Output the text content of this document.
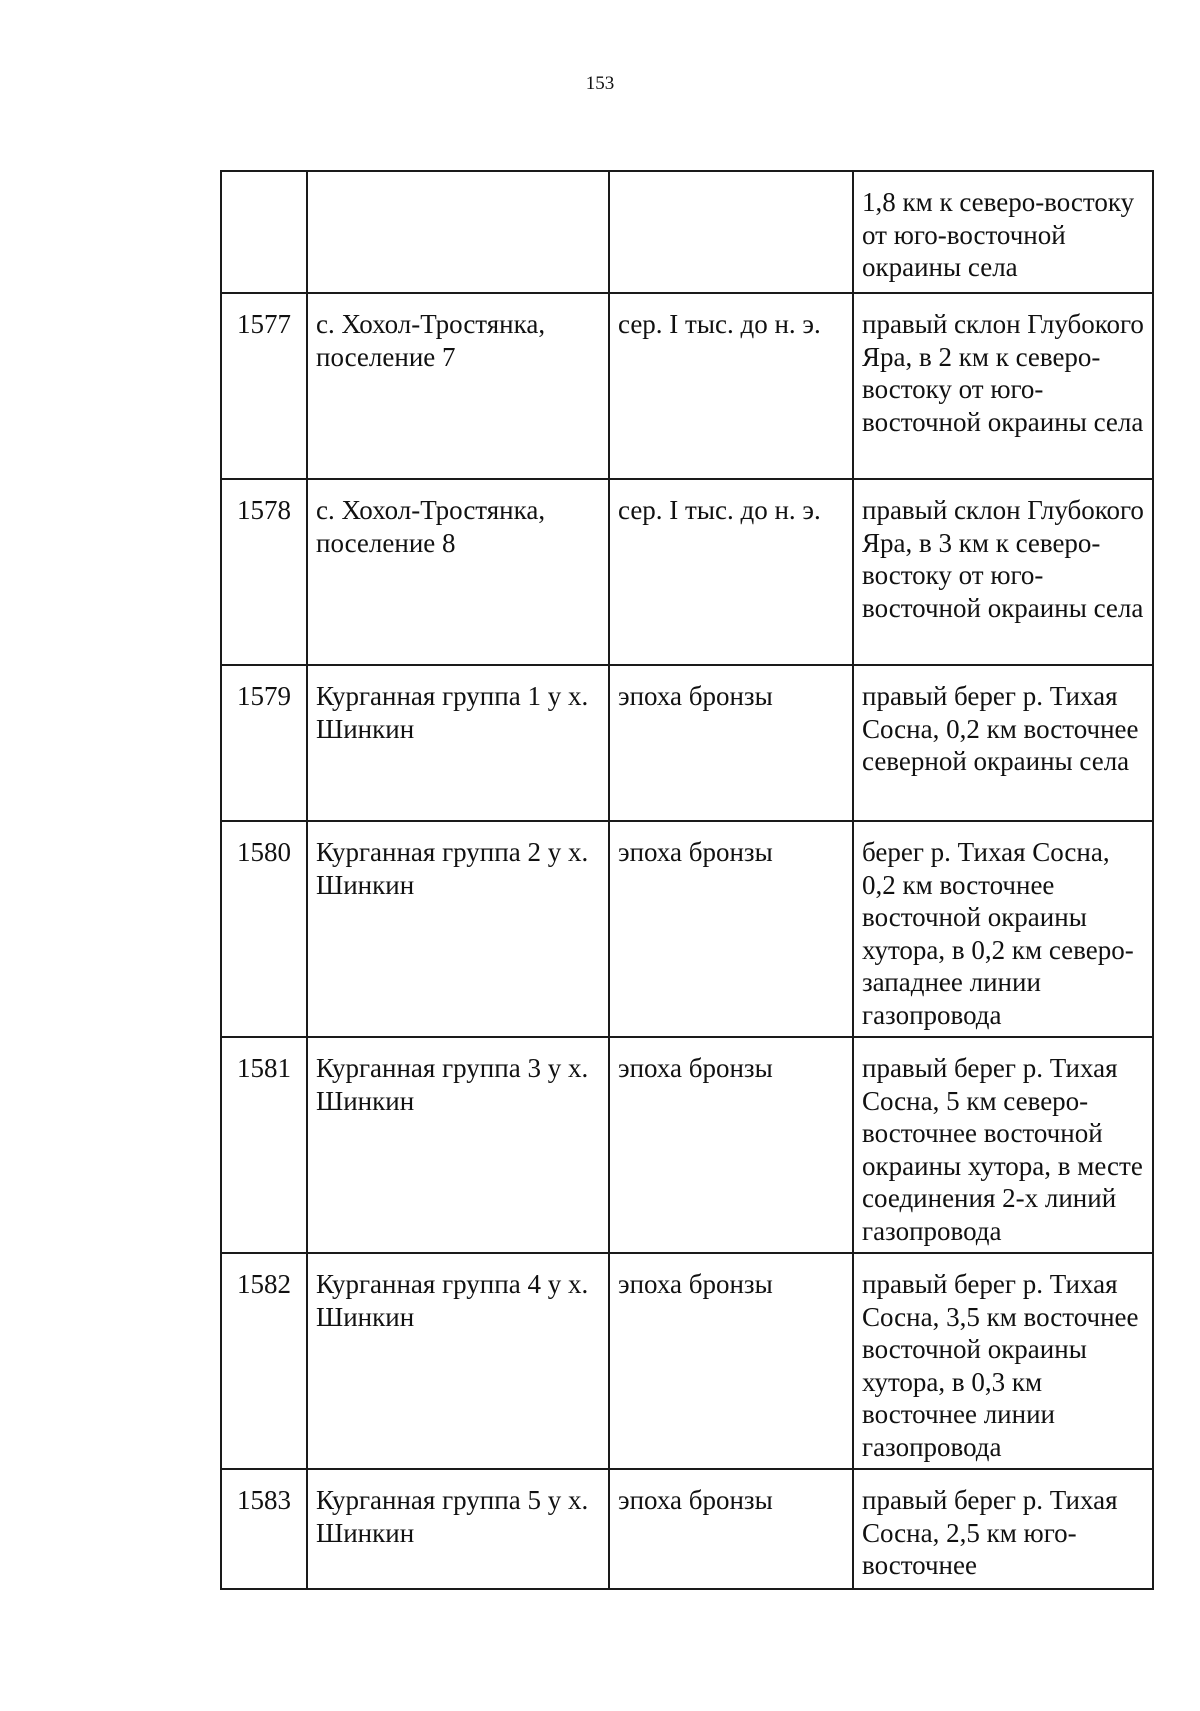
153
			1,8 км к северо-востоку от юго-восточной окраины села
1577	с. Хохол-Тростянка, поселение 7	сер. I тыс. до н. э.	правый склон Глубокого Яра, в 2 км к северо-востоку от юго-восточной окраины села
1578	с. Хохол-Тростянка, поселение 8	сер. I тыс. до н. э.	правый склон Глубокого Яра, в 3 км к северо-востоку от юго-восточной окраины села
1579	Курганная группа 1 у х. Шинкин	эпоха бронзы	правый берег р. Тихая Сосна, 0,2 км восточнее северной окраины села
1580	Курганная группа 2 у х. Шинкин	эпоха бронзы	берег р. Тихая Сосна, 0,2 км восточнее восточной окраины хутора, в 0,2 км северо-западнее линии газопровода
1581	Курганная группа 3 у х. Шинкин	эпоха бронзы	правый берег р. Тихая Сосна, 5 км северо-восточнее восточной окраины хутора, в месте соединения 2-х линий газопровода
1582	Курганная группа 4 у х. Шинкин	эпоха бронзы	правый берег р. Тихая Сосна, 3,5 км восточнее восточной окраины хутора, в 0,3 км восточнее линии газопровода
1583	Курганная группа 5 у х. Шинкин	эпоха бронзы	правый берег р. Тихая Сосна, 2,5 км юго-восточнее
